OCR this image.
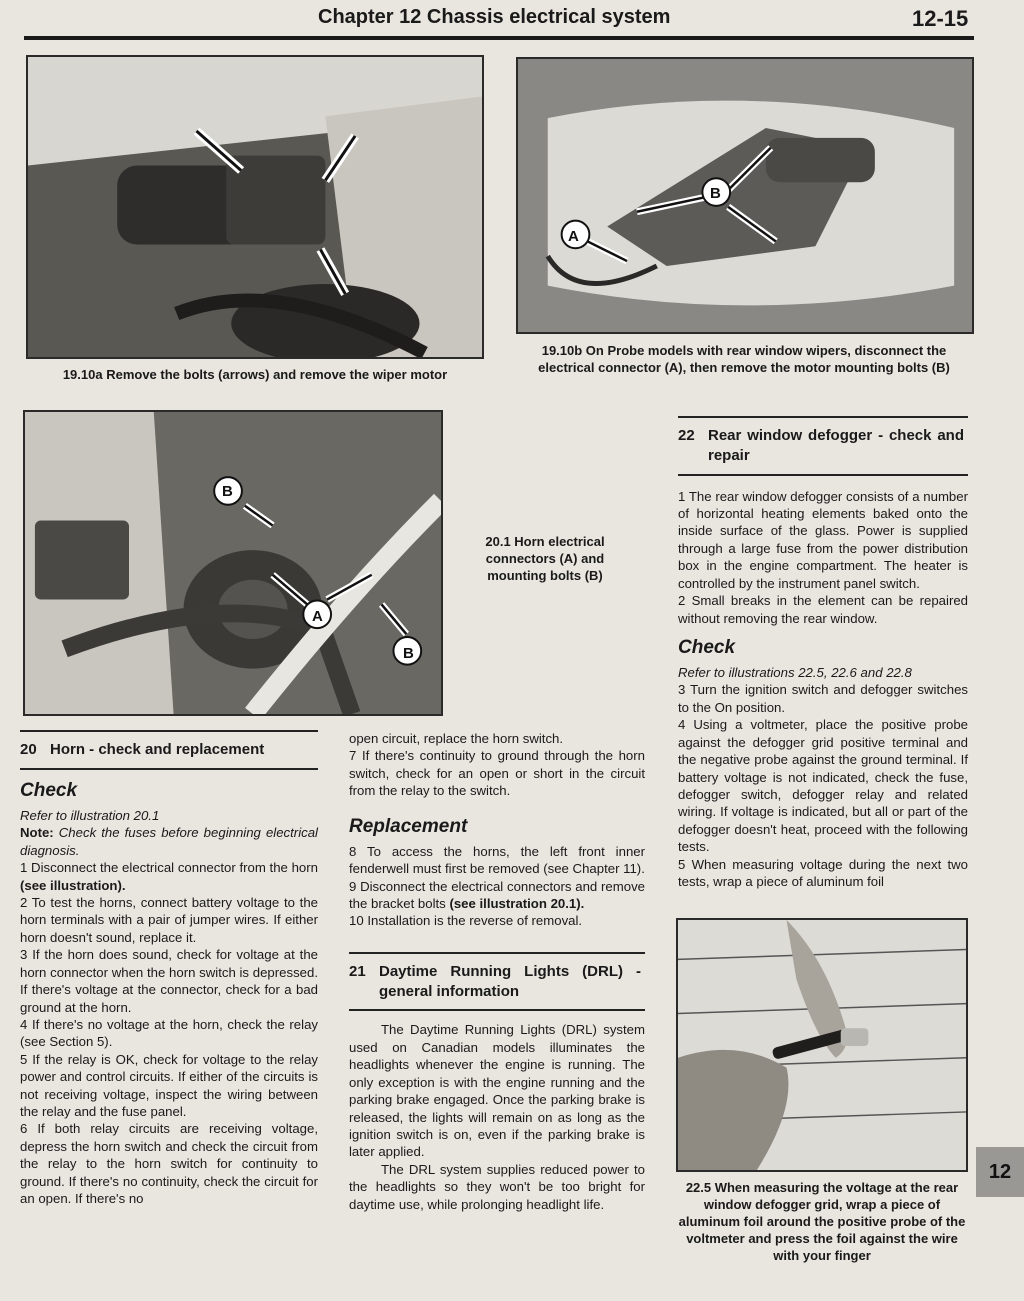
Chapter 12 Chassis electrical system	12-15
19.10a Remove the bolts (arrows) and remove the wiper motor
B
A
19.10b On Probe models with rear window wipers, disconnect the electrical connector (A), then remove the motor mounting bolts (B)
B
A
B
20.1 Horn electrical connectors (A) and mounting bolts (B)
20 Horn - check and replacement
Check

Refer to illustration 20.1

Note: Check the fuses before beginning electrical diagnosis.

1 Disconnect the electrical connector from the horn (see illustration).

2 To test the horns, connect battery voltage to the horn terminals with a pair of jumper wires. If either horn doesn't sound, replace it.

3 If the horn does sound, check for voltage at the horn connector when the horn switch is depressed. If there's voltage at the connector, check for a bad ground at the horn.

4 If there's no voltage at the horn, check the relay (see Section 5).

5 If the relay is OK, check for voltage to the relay power and control circuits. If either of the circuits is not receiving voltage, inspect the wiring between the relay and the fuse panel.

6 If both relay circuits are receiving voltage, depress the horn switch and check the circuit from the relay to the horn switch for continuity to ground. If there's no continuity, check the circuit for an open. If there's no

open circuit, replace the horn switch.

7 If there's continuity to ground through the horn switch, check for an open or short in the circuit from the relay to the switch.

Replacement

8 To access the horns, the left front inner fenderwell must first be removed (see Chapter 11).

9 Disconnect the electrical connectors and remove the bracket bolts (see illustration 20.1).

10 Installation is the reverse of removal.

21 Daytime Running Lights (DRL) - general information

The Daytime Running Lights (DRL) system used on Canadian models illuminates the headlights whenever the engine is running. The only exception is with the engine running and the parking brake engaged. Once the parking brake is released, the lights will remain on as long as the ignition switch is on, even if the parking brake is later applied.

The DRL system supplies reduced power to the headlights so they won't be too bright for daytime use, while prolonging headlight life.

22 Rear window defogger - check and repair

1 The rear window defogger consists of a number of horizontal heating elements baked onto the inside surface of the glass. Power is supplied through a large fuse from the power distribution box in the engine compartment. The heater is controlled by the instrument panel switch.

2 Small breaks in the element can be repaired without removing the rear window.

Check

Refer to illustrations 22.5, 22.6 and 22.8

3 Turn the ignition switch and defogger switches to the On position.

4 Using a voltmeter, place the positive probe against the defogger grid positive terminal and the negative probe against the ground terminal. If battery voltage is not indicated, check the fuse, defogger switch, defogger relay and related wiring. If voltage is indicated, but all or part of the defogger doesn't heat, proceed with the following tests.

5 When measuring voltage during the next two tests, wrap a piece of aluminum foil

22.5 When measuring the voltage at the rear window defogger grid, wrap a piece of aluminum foil around the positive probe of the voltmeter and press the foil against the wire with your finger
12
